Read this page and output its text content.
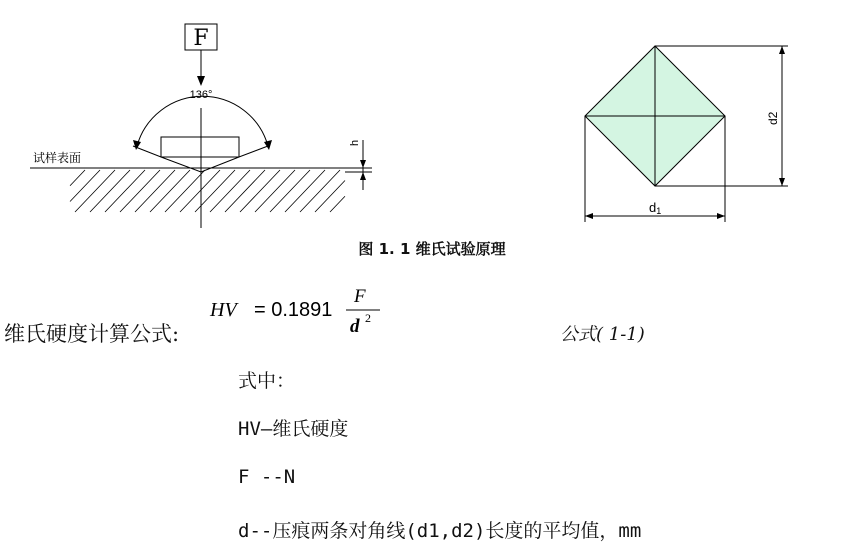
F
136°
试样表面
h
d2
d1
图 1. 1 维氏试验原理
维氏硬度计算公式:
HV = 0.1891
F
d 2
公式( 1-1)
式中：
HV—维氏硬度
F --N
d--压痕两条对角线(d1,d2)长度的平均值，mm
